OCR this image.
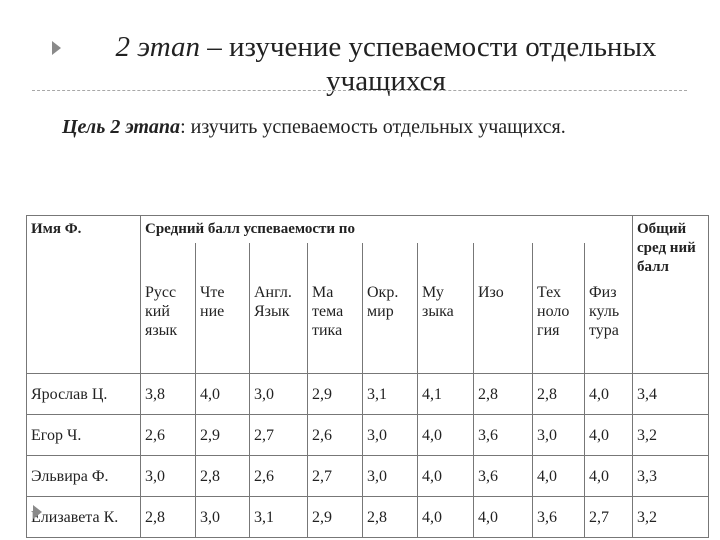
2 этап – изучение успеваемости отдельных
учащихся
Цель 2 этапа: изучить успеваемость отдельных учащихся.
Имя Ф.	Средний балл успеваемости по									Общий сред ний балл
	Русс кий язык	Чте ние	Англ. Язык	Ма тема тика	Окр. мир	Му зыка	Изо	Тех ноло гия	Физ куль тура	
Ярослав Ц.	3,8	4,0	3,0	2,9	3,1	4,1	2,8	2,8	4,0	3,4
Егор Ч.	2,6	2,9	2,7	2,6	3,0	4,0	3,6	3,0	4,0	3,2
Эльвира Ф.	3,0	2,8	2,6	2,7	3,0	4,0	3,6	4,0	4,0	3,3
Елизавета К.	2,8	3,0	3,1	2,9	2,8	4,0	4,0	3,6	2,7	3,2
